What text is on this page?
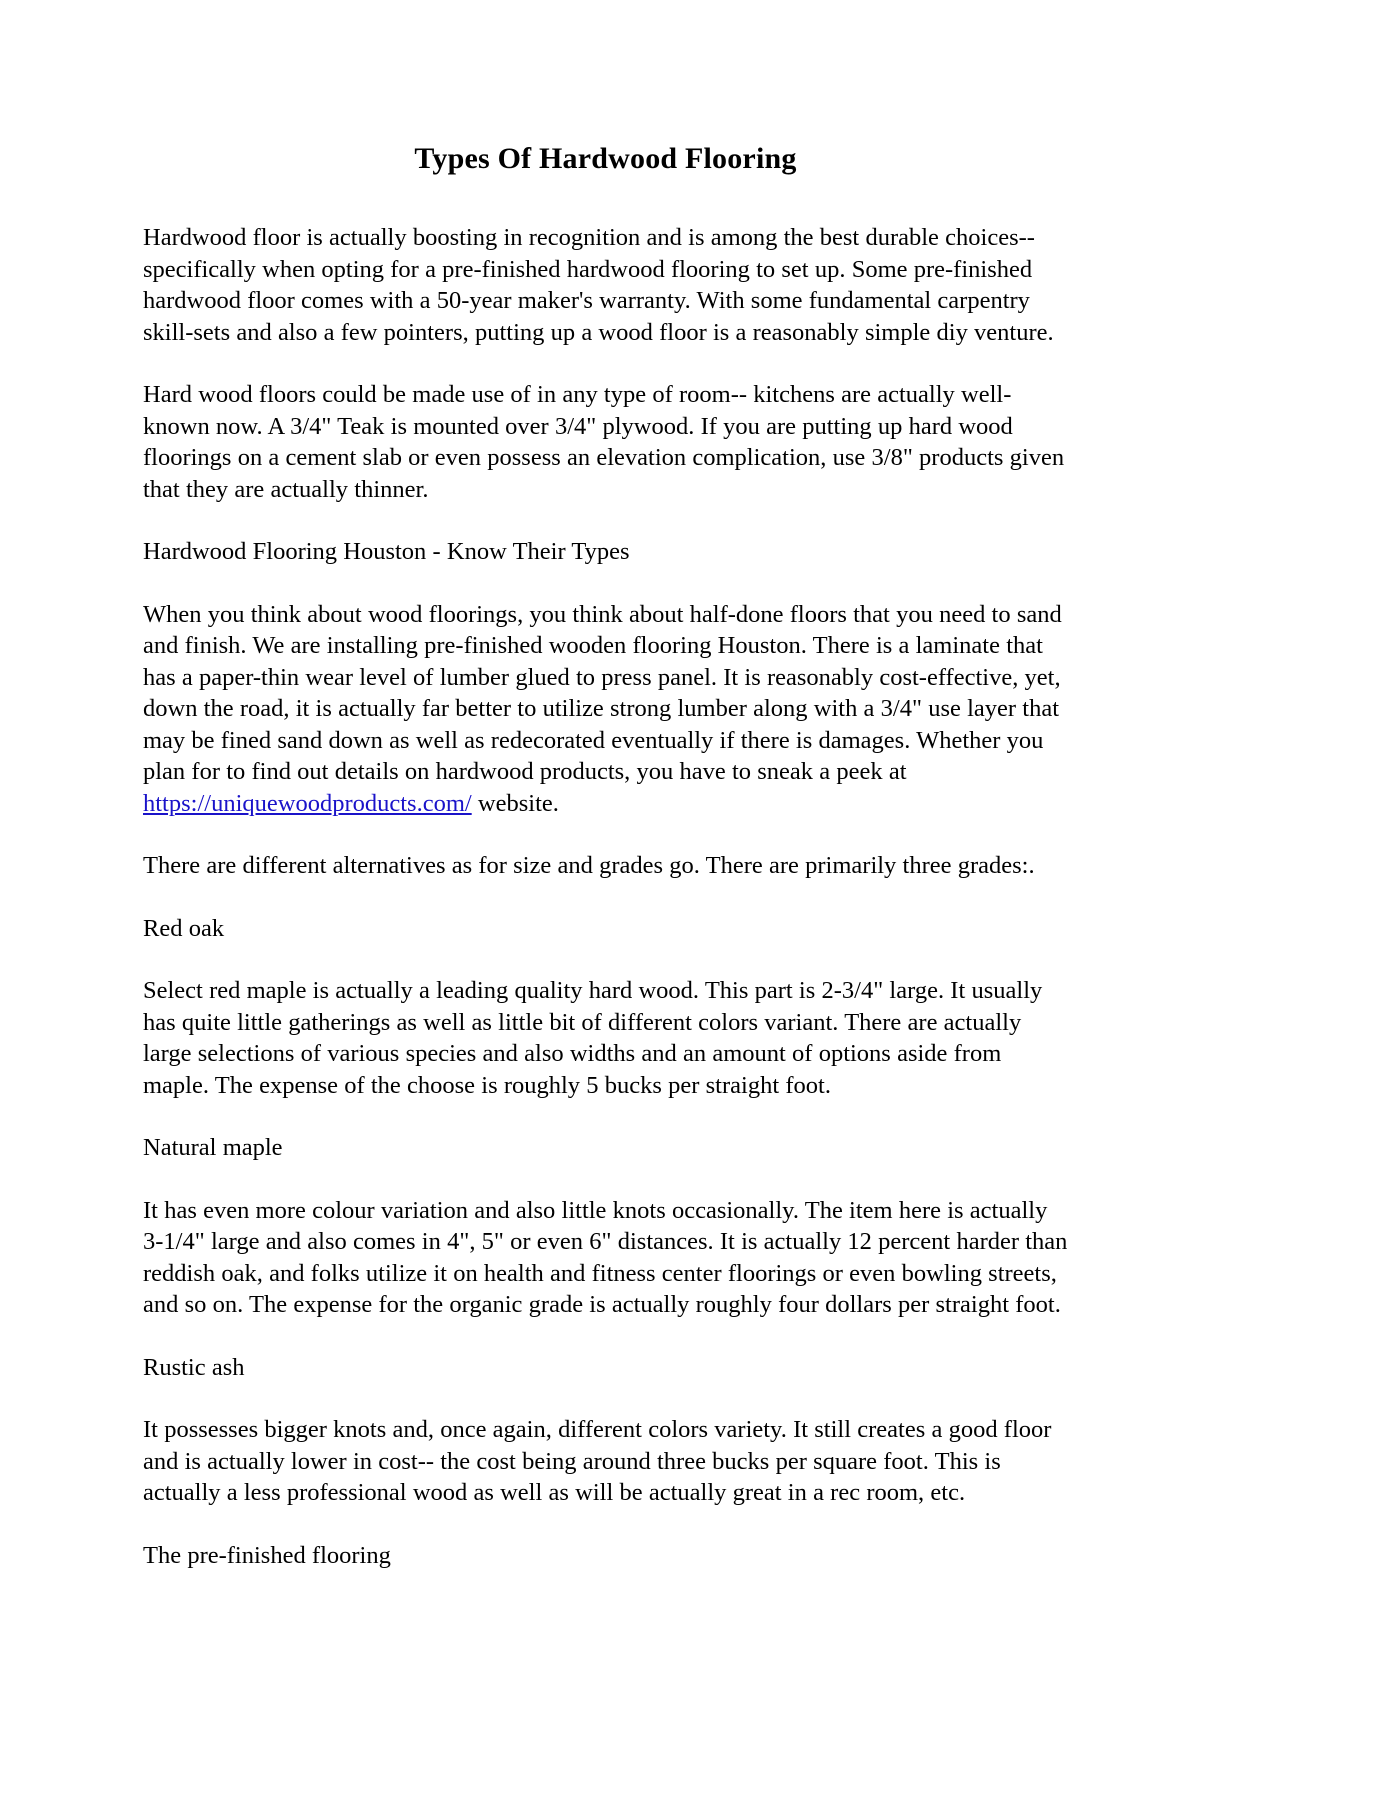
Types Of Hardwood Flooring

Hardwood floor is actually boosting in recognition and is among the best durable choices-- specifically when opting for a pre-finished hardwood flooring to set up. Some pre-finished hardwood floor comes with a 50-year maker's warranty. With some fundamental carpentry skill-sets and also a few pointers, putting up a wood floor is a reasonably simple diy venture.

Hard wood floors could be made use of in any type of room-- kitchens are actually well-known now. A 3/4" Teak is mounted over 3/4" plywood. If you are putting up hard wood floorings on a cement slab or even possess an elevation complication, use 3/8" products given that they are actually thinner.

Hardwood Flooring Houston - Know Their Types

When you think about wood floorings, you think about half-done floors that you need to sand and finish. We are installing pre-finished wooden flooring Houston. There is a laminate that has a paper-thin wear level of lumber glued to press panel. It is reasonably cost-effective, yet, down the road, it is actually far better to utilize strong lumber along with a 3/4" use layer that may be fined sand down as well as redecorated eventually if there is damages. Whether you plan for to find out details on hardwood products, you have to sneak a peek at https://uniquewoodproducts.com/ website.

There are different alternatives as for size and grades go. There are primarily three grades:.

Red oak

Select red maple is actually a leading quality hard wood. This part is 2-3/4" large. It usually has quite little gatherings as well as little bit of different colors variant. There are actually large selections of various species and also widths and an amount of options aside from maple. The expense of the choose is roughly 5 bucks per straight foot.

Natural maple

It has even more colour variation and also little knots occasionally. The item here is actually 3-1/4" large and also comes in 4", 5" or even 6" distances. It is actually 12 percent harder than reddish oak, and folks utilize it on health and fitness center floorings or even bowling streets, and so on. The expense for the organic grade is actually roughly four dollars per straight foot.

Rustic ash

It possesses bigger knots and, once again, different colors variety. It still creates a good floor and is actually lower in cost-- the cost being around three bucks per square foot. This is actually a less professional wood as well as will be actually great in a rec room, etc.

The pre-finished flooring
